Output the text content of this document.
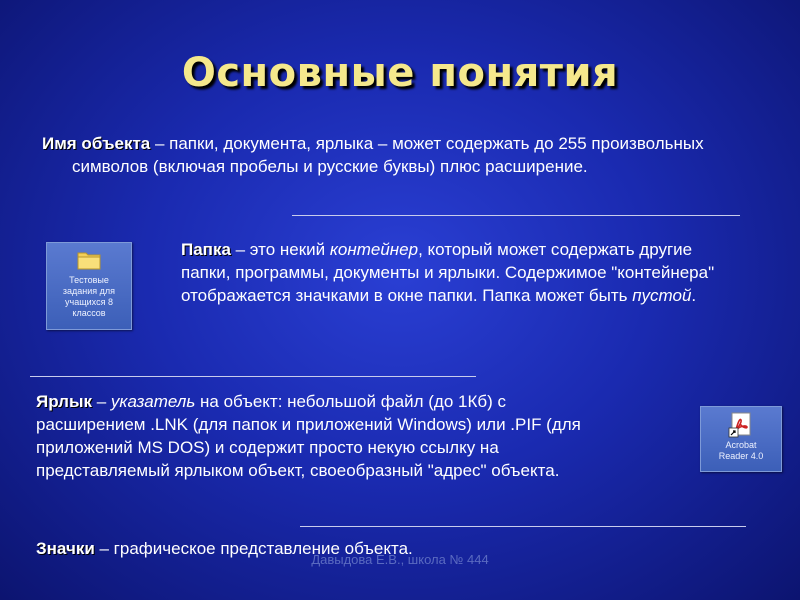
Основные понятия
Имя объекта – папки, документа, ярлыка – может содержать до 255 произвольных символов (включая пробелы и русские буквы) плюс расширение.
Тестовые задания для учащихся 8 классов
Папка – это некий контейнер, который может содержать другие папки, программы, документы и ярлыки. Содержимое "контейнера" отображается значками в окне папки. Папка может быть пустой.
Ярлык – указатель на объект: небольшой файл (до 1Кб) с расширением .LNK (для папок и приложений Windows) или .PIF (для приложений MS DOS) и содержит просто некую ссылку на представляемый ярлыком объект, своеобразный "адрес" объекта.
Acrobat Reader 4.0
Значки – графическое представление объекта.
Давыдова Е.В., школа № 444
